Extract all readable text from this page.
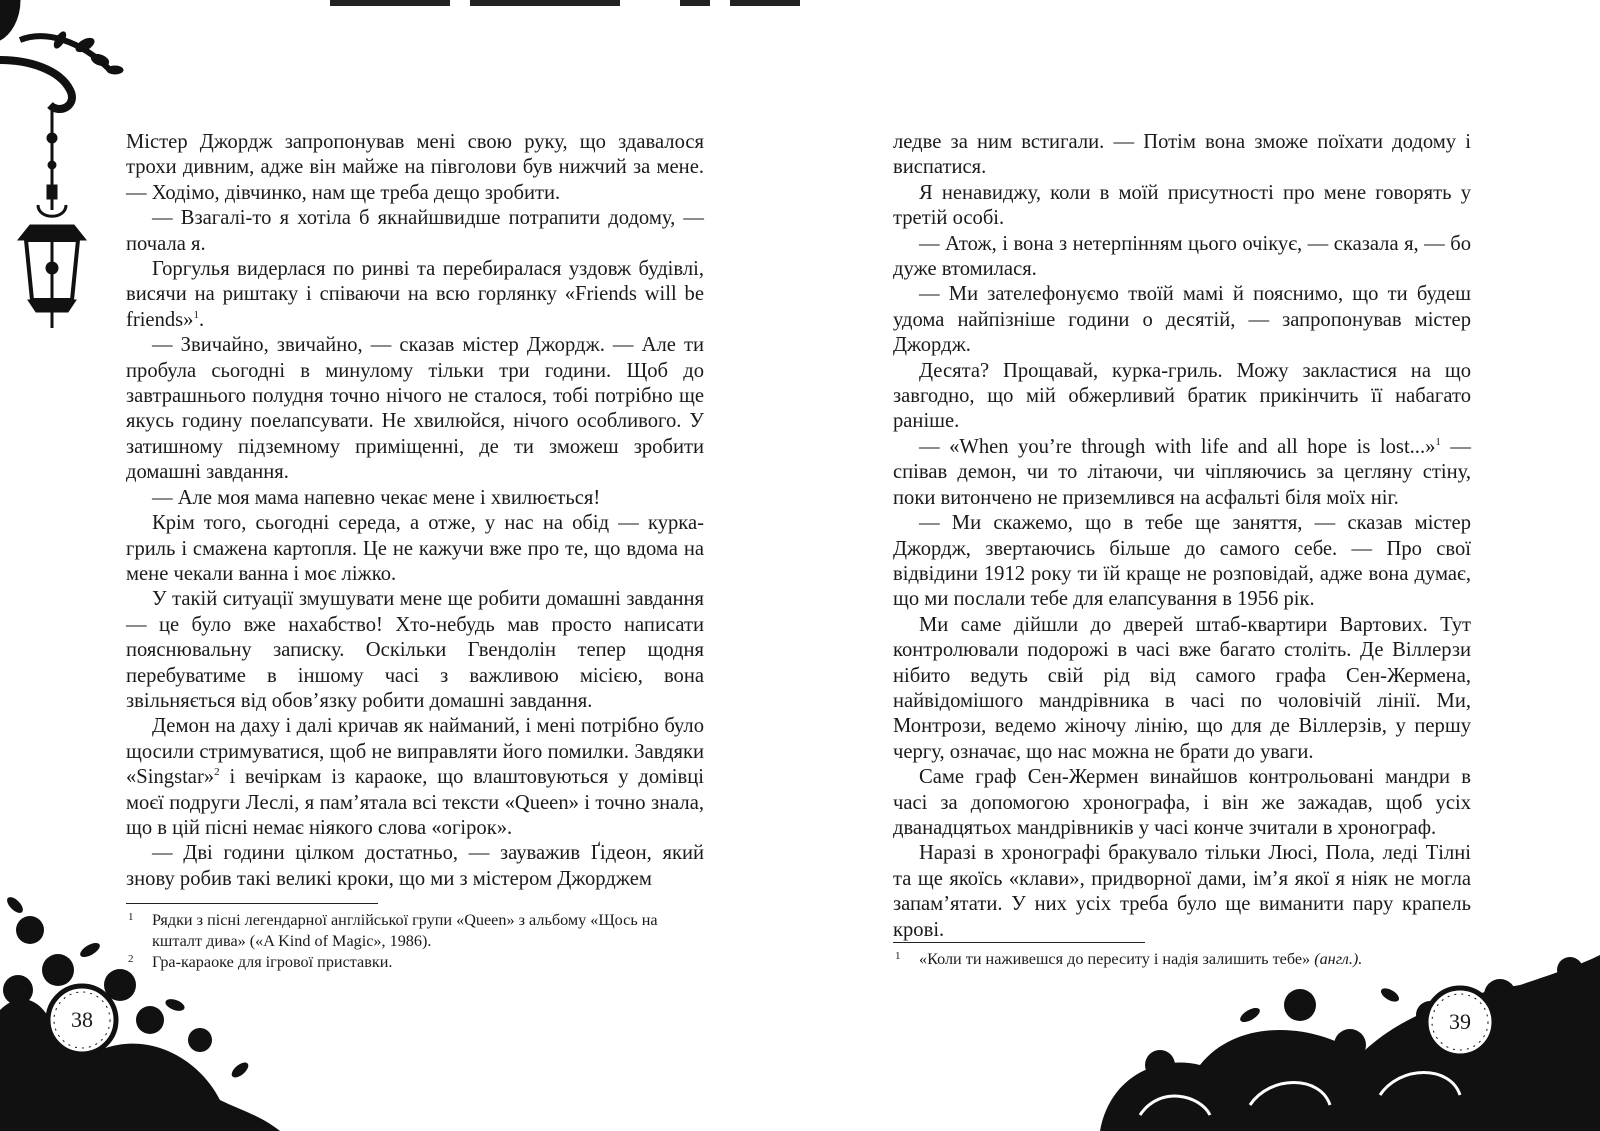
38	39

Містер Джордж запропонував мені свою руку, що здавалося трохи дивним, адже він майже на півголови був нижчий за мене. — Ходімо, дівчинко, нам ще треба дещо зробити.

— Взагалі-то я хотіла б якнайшвидше потрапити додому, — почала я.

Горгулья видерлася по ринві та перебиралася уздовж будівлі, висячи на риштаку і співаючи на всю горлянку «Friends will be friends»$^1$.

— Звичайно, звичайно, — сказав містер Джордж. — Але ти пробула сьогодні в минулому тільки три години. Щоб до завтрашнього полудня точно нічого не сталося, тобі потрібно ще якусь годину поелапсувати. Не хвилюйся, нічого особливого. У затишному підземному приміщенні, де ти зможеш зробити домашні завдання.

— Але моя мама напевно чекає мене і хвилюється!

Крім того, сьогодні середа, а отже, у нас на обід — курка-гриль і смажена картопля. Це не кажучи вже про те, що вдома на мене чекали ванна і моє ліжко.

У такій ситуації змушувати мене ще робити домашні завдання — це було вже нахабство! Хто-небудь мав просто написати пояснювальну записку. Оскільки Гвендолін тепер щодня перебуватиме в іншому часі з важливою місією, вона звільняється від обов’язку робити домашні завдання.

Демон на даху і далі кричав як найманий, і мені потрібно було щосили стримуватися, щоб не виправляти його помилки. Завдяки «Singstar»$^2$ і вечіркам із караоке, що влаштовуються у домівці моєї подруги Леслі, я пам’ятала всі тексти «Queen» і точно знала, що в цій пісні немає ніякого слова «огірок».

— Дві години цілком достатньо, — зауважив Ґідеон, який знову робив такі великі кроки, що ми з містером Джорджем

1 Рядки з пісні легендарної англійської групи «Queen» з альбому «Щось на кшталт дива» («A Kind of Magic», 1986).
2 Гра-караоке для ігрової приставки.

ледве за ним встигали. — Потім вона зможе поїхати додому і виспатися.

Я ненавиджу, коли в моїй присутності про мене говорять у третій особі.

— Атож, і вона з нетерпінням цього очікує, — сказала я, — бо дуже втомилася.

— Ми зателефонуємо твоїй мамі й пояснимо, що ти будеш удома найпізніше години о десятій, — запропонував містер Джордж.

Десята? Прощавай, курка-гриль. Можу закластися на що завгодно, що мій обжерливий братик прикінчить її набагато раніше.

— «When you’re through with life and all hope is lost...»$^1$ — співав демон, чи то літаючи, чи чіпляючись за цегляну стіну, поки витончено не приземлився на асфальті біля моїх ніг.

— Ми скажемо, що в тебе ще заняття, — сказав містер Джордж, звертаючись більше до самого себе. — Про свої відвідини 1912 року ти їй краще не розповідай, адже вона думає, що ми послали тебе для елапсування в 1956 рік.

Ми саме дійшли до дверей штаб-квартири Вартових. Тут контролювали подорожі в часі вже багато століть. Де Віллерзи нібито ведуть свій рід від самого графа Сен-Жермена, найвідомішого мандрівника в часі по чоловічій лінії. Ми, Монтрози, ведемо жіночу лінію, що для де Віллерзів, у першу чергу, означає, що нас можна не брати до уваги.

Саме граф Сен-Жермен винайшов контрольовані мандри в часі за допомогою хронографа, і він же зажадав, щоб усіх дванадцятьох мандрівників у часі конче зчитали в хронограф.

Наразі в хронографі бракувало тільки Люсі, Пола, леді Тілні та ще якоїсь «клави», придворної дами, ім’я якої я ніяк не могла запам’ятати. У них усіх треба було ще виманити пару крапель крові.

1 «Коли ти наживешся до переситу і надія залишить тебе» (англ.).
